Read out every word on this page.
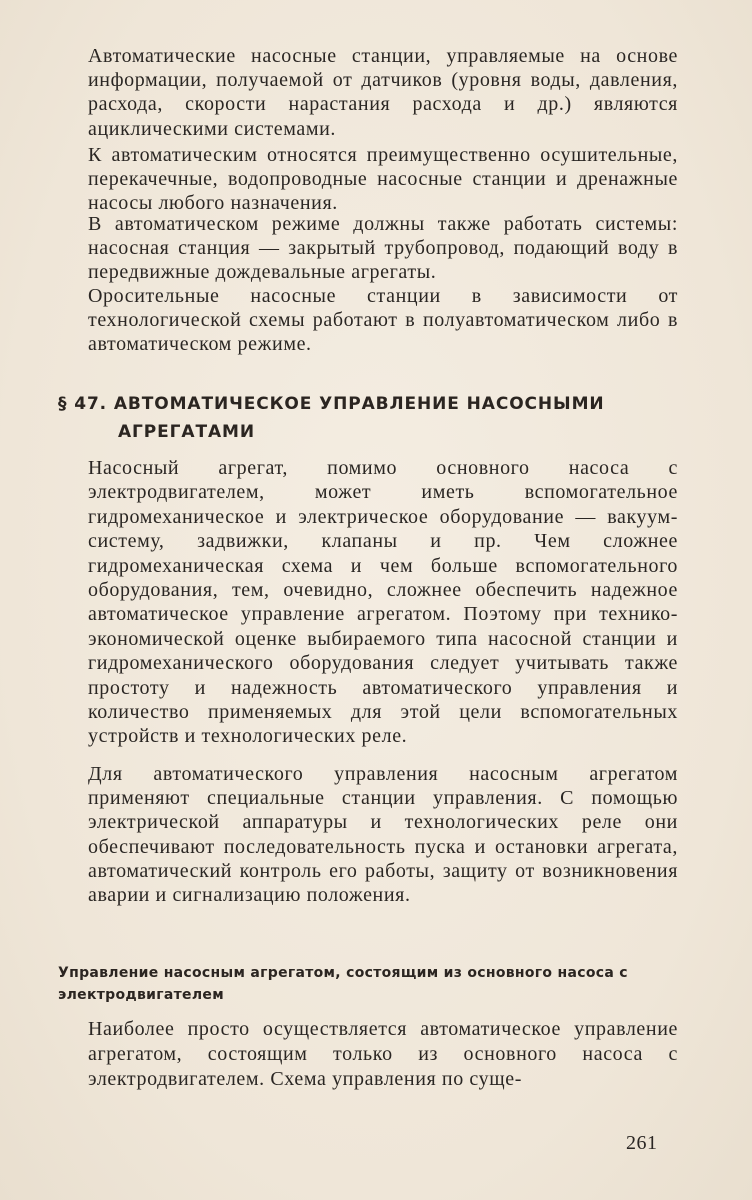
Автоматические насосные станции, управляемые на основе информации, получаемой от датчиков (уровня воды, давления, расхода, скорости нарастания расхода и др.) являются ациклическими системами.

К автоматическим относятся преимущественно осушительные, перекачечные, водопроводные насосные станции и дренажные насосы любого назначения.

В автоматическом режиме должны также работать системы: насосная станция — закрытый трубопровод, подающий воду в передвижные дождевальные агрегаты.

Оросительные насосные станции в зависимости от технологической схемы работают в полуавтоматическом либо в автоматическом режиме.

§ 47. АВТОМАТИЧЕСКОЕ УПРАВЛЕНИЕ НАСОСНЫМИ
АГРЕГАТАМИ

Насосный агрегат, помимо основного насоса с электродвигателем, может иметь вспомогательное гидромеханическое и электрическое оборудование — вакуум-систему, задвижки, клапаны и пр. Чем сложнее гидромеханическая схема и чем больше вспомогательного оборудования, тем, очевидно, сложнее обеспечить надежное автоматическое управление агрегатом. Поэтому при технико-экономической оценке выбираемого типа насосной станции и гидромеханического оборудования следует учитывать также простоту и надежность автоматического управления и количество применяемых для этой цели вспомогательных устройств и технологических реле.

Для автоматического управления насосным агрегатом применяют специальные станции управления. С помощью электрической аппаратуры и технологических реле они обеспечивают последовательность пуска и остановки агрегата, автоматический контроль его работы, защиту от возникновения аварии и сигнализацию положения.

Управление насосным агрегатом, состоящим из основного насоса с электродвигателем

Наиболее просто осуществляется автоматическое управление агрегатом, состоящим только из основного насоса с электродвигателем. Схема управления по суще-

261
